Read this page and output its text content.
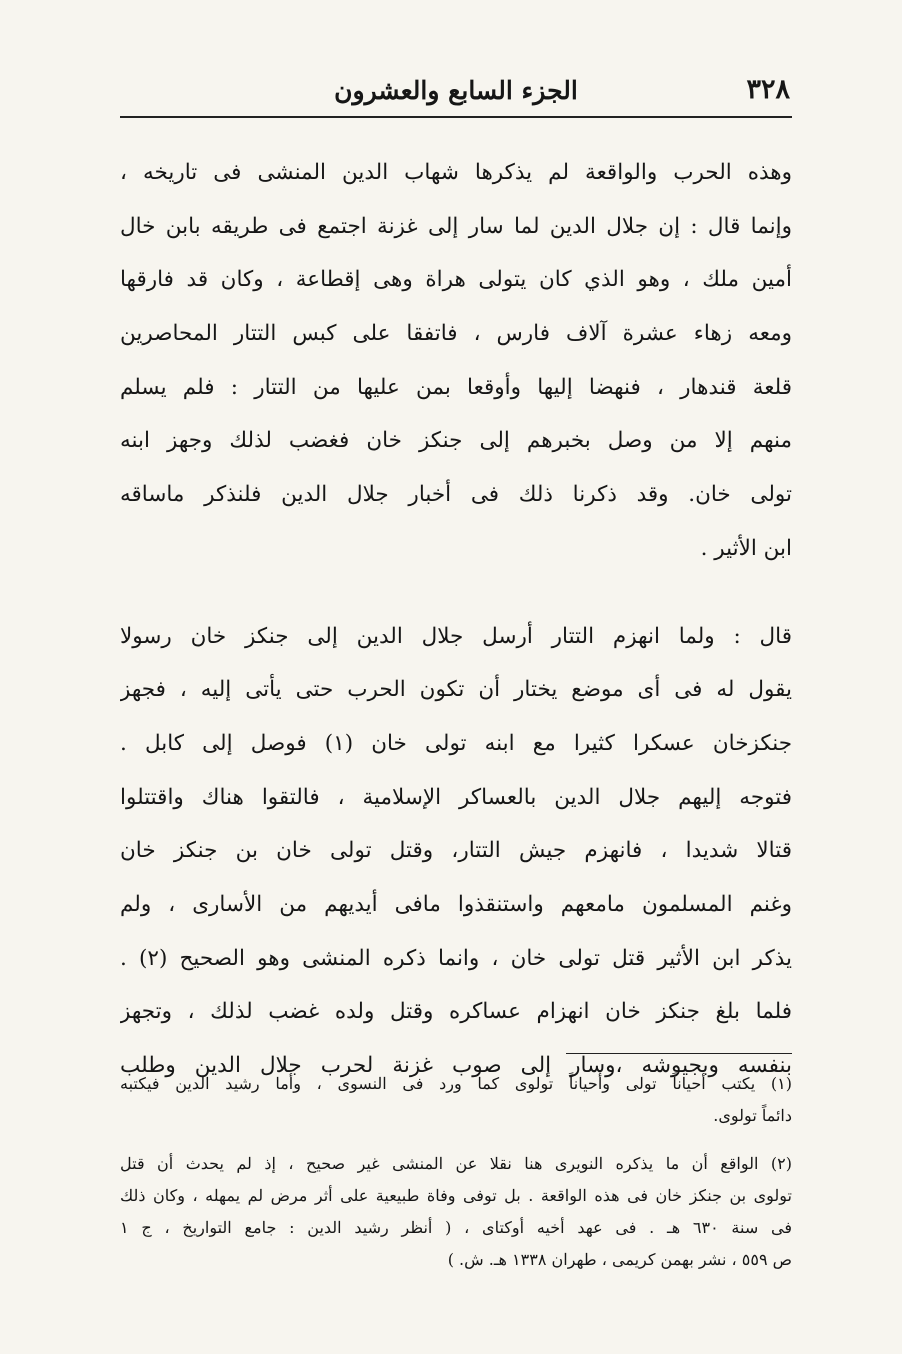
٣٢٨
الجزء السابع والعشرون
وهذه الحرب والواقعة لم يذكرها شهاب الدين المنشى فى تاريخه ،
وإنما قال : إن جلال الدين لما سار إلى غزنة اجتمع فى طريقه بابن خال
أمين ملك ، وهو الذي كان يتولى هراة وهى إقطاعة ، وكان قد فارقها
ومعه زهاء عشرة آلاف فارس ، فاتفقا على كبس التتار المحاصرين
قلعة قندهار ، فنهضا إليها وأوقعا بمن عليها من التتار : فلم يسلم
منهم إلا من وصل بخبرهم إلى جنكز خان فغضب لذلك وجهز ابنه
تولى خان. وقد ذكرنا ذلك فى أخبار جلال الدين فلنذكر ماساقه
ابن الأثير .
قال : ولما انهزم التتار أرسل جلال الدين إلى جنكز خان رسولا
يقول له فى أى موضع يختار أن تكون الحرب حتى يأتى إليه ، فجهز
جنكزخان عسكرا كثيرا مع ابنه تولى خان (١) فوصل إلى كابل .
فتوجه إليهم جلال الدين بالعساكر الإسلامية ، فالتقوا هناك واقتتلوا
قتالا شديدا ، فانهزم جيش التتار، وقتل تولى خان بن جنكز خان
وغنم المسلمون مامعهم واستنقذوا مافى أيديهم من الأسارى ، ولم
يذكر ابن الأثير قتل تولى خان ، وانما ذكره المنشى وهو الصحيح (٢) .
فلما بلغ جنكز خان انهزام عساكره وقتل ولده غضب لذلك ، وتجهز
بنفسه وبجيوشه ،وسار إلى صوب غزنة لحرب جلال الدين وطلب
(١) يكتب أحياناً تولى وأحياناً تولوى كما ورد فى النسوى ، وأما رشيد الدين فيكتبه
دائماً تولوى.
(٢) الواقع أن ما يذكره النويرى هنا نقلا عن المنشى غير صحيح ، إذ لم يحدث أن قتل
تولوى بن جنكز خان فى هذه الواقعة . بل توفى وفاة طبيعية على أثر مرض لم يمهله ، وكان ذلك
فى سنة ٦٣٠ هـ . فى عهد أخيه أوكتاى ، ( أنظر رشيد الدين : جامع التواريخ ، ج ١
ص ٥٥٩ ، نشر بهمن كريمى ، طهران ١٣٣٨ هـ. ش. )
